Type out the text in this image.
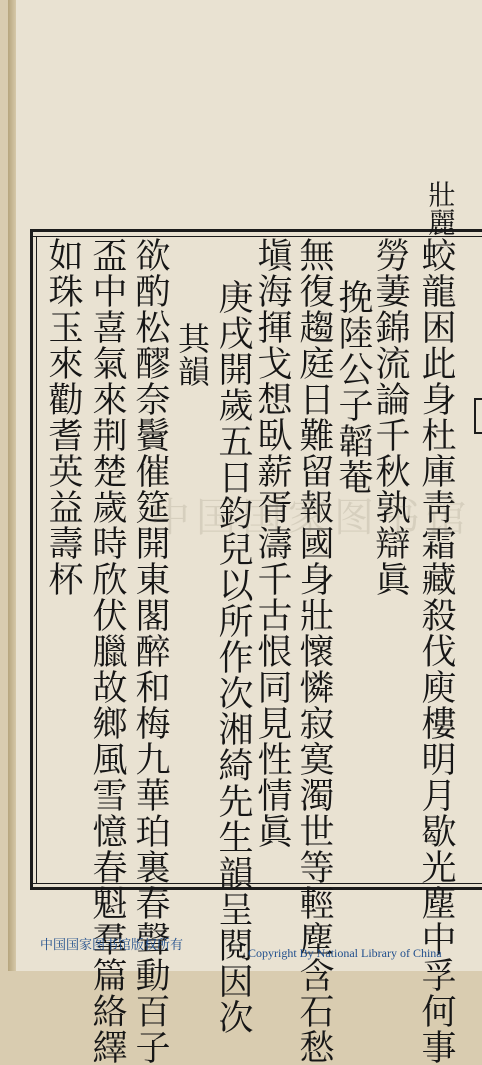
壯麗
蛟龍困此身杜庫靑霜藏殺伐庾樓明月歇光塵中孚何事
勞萋錦流論千秋孰辯眞
挽陸公子韜菴
無復趨庭日難留報國身壯懷憐寂寞濁世等輕塵含石愁
塡海揮戈想臥薪胥濤千古恨同見性情眞
庚戌開歲五日鈞兒以所作次湘綺先生韻呈閱因次
其韻
欲酌松醪奈鬢催筵開東閣醉和梅九華珀裏春聲動百子
盃中喜氣來荆楚歲時欣伏臘故鄉風雪憶春魁羣篇絡繹
如珠玉來勸耆英益壽杯 中国国家图书馆
中国国家图书馆版权所有	Copyright By National Library of China
